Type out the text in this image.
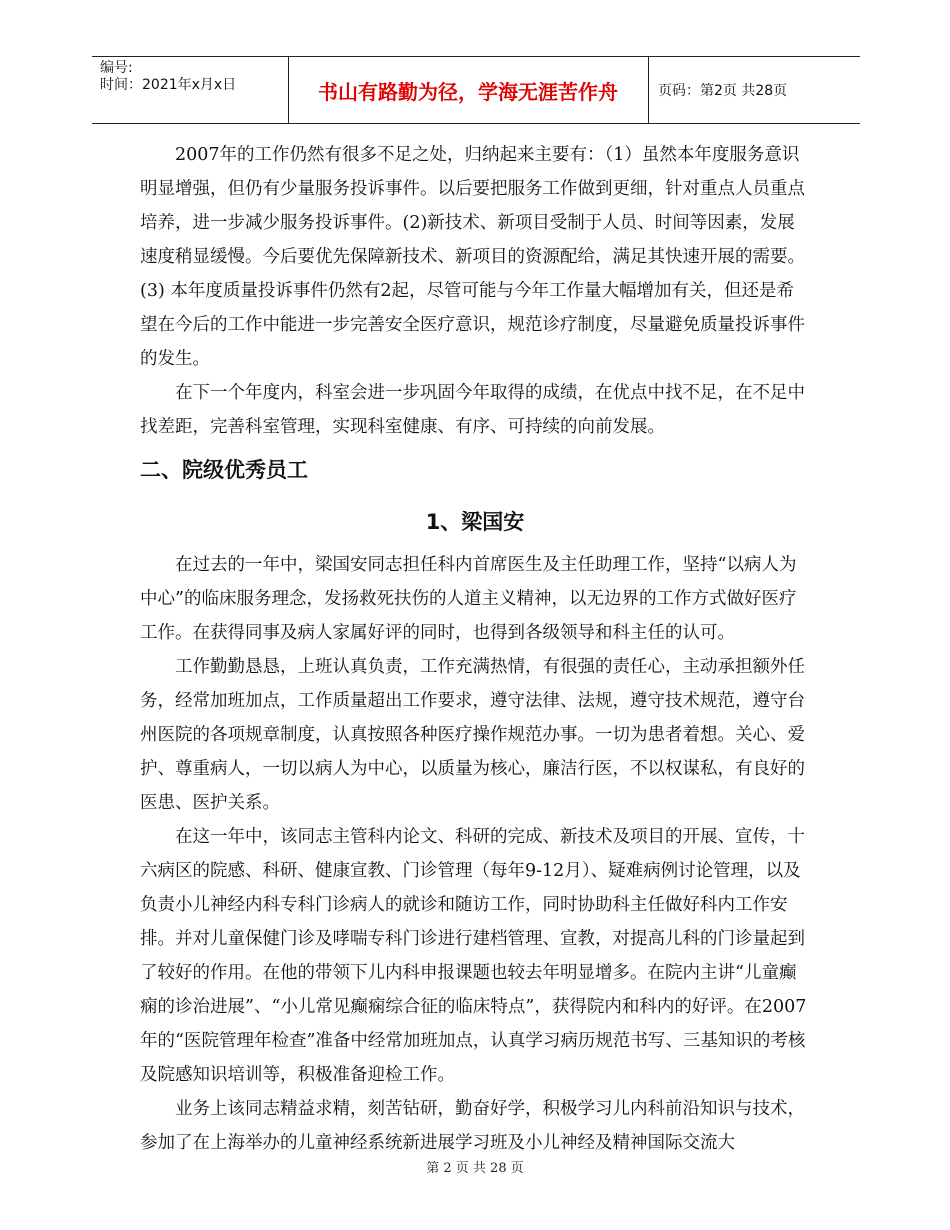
编号:
时间：2021年x月x日	书山有路勤为径，学海无涯苦作舟	页码：第2页 共28页

2007年的工作仍然有很多不足之处，归纳起来主要有：（1）虽然本年度服务意识明显增强，但仍有少量服务投诉事件。以后要把服务工作做到更细，针对重点人员重点培养，进一步减少服务投诉事件。(2)新技术、新项目受制于人员、时间等因素，发展速度稍显缓慢。今后要优先保障新技术、新项目的资源配给，满足其快速开展的需要。(3) 本年度质量投诉事件仍然有2起，尽管可能与今年工作量大幅增加有关，但还是希望在今后的工作中能进一步完善安全医疗意识，规范诊疗制度，尽量避免质量投诉事件的发生。

在下一个年度内，科室会进一步巩固今年取得的成绩，在优点中找不足，在不足中找差距，完善科室管理，实现科室健康、有序、可持续的向前发展。

二、院级优秀员工
1、梁国安

在过去的一年中，梁国安同志担任科内首席医生及主任助理工作，坚持“以病人为中心”的临床服务理念，发扬救死扶伤的人道主义精神，以无边界的工作方式做好医疗工作。在获得同事及病人家属好评的同时，也得到各级领导和科主任的认可。

工作勤勤恳恳，上班认真负责，工作充满热情，有很强的责任心，主动承担额外任务，经常加班加点，工作质量超出工作要求，遵守法律、法规，遵守技术规范，遵守台州医院的各项规章制度，认真按照各种医疗操作规范办事。一切为患者着想。关心、爱护、尊重病人，一切以病人为中心，以质量为核心，廉洁行医，不以权谋私，有良好的医患、医护关系。

在这一年中，该同志主管科内论文、科研的完成、新技术及项目的开展、宣传，十六病区的院感、科研、健康宣教、门诊管理（每年9-12月）、疑难病例讨论管理，以及负责小儿神经内科专科门诊病人的就诊和随访工作，同时协助科主任做好科内工作安排。并对儿童保健门诊及哮喘专科门诊进行建档管理、宣教，对提高儿科的门诊量起到了较好的作用。在他的带领下儿内科申报课题也较去年明显增多。在院内主讲“儿童癫痫的诊治进展”、“小儿常见癫痫综合征的临床特点”，获得院内和科内的好评。在2007年的“医院管理年检查”准备中经常加班加点，认真学习病历规范书写、三基知识的考核及院感知识培训等，积极准备迎检工作。

业务上该同志精益求精，刻苦钻研，勤奋好学，积极学习儿内科前沿知识与技术，参加了在上海举办的儿童神经系统新进展学习班及小儿神经及精神国际交流大

第 2 页 共 28 页
